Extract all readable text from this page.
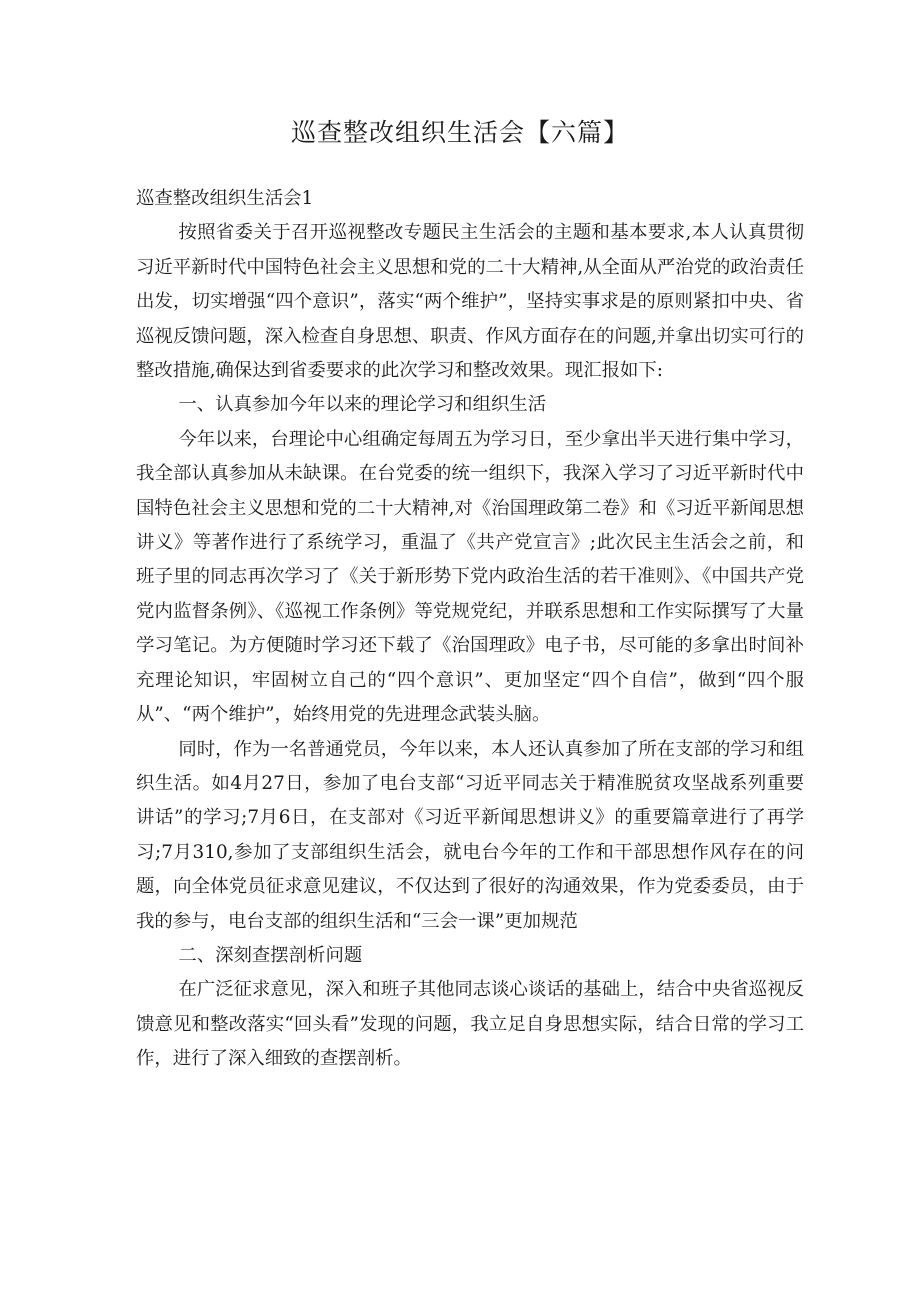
巡查整改组织生活会【六篇】

巡查整改组织生活会1

按照省委关于召开巡视整改专题民主生活会的主题和基本要求,本人认真贯彻习近平新时代中国特色社会主义思想和党的二十大精神,从全面从严治党的政治责任出发，切实增强“四个意识”，落实“两个维护”，坚持实事求是的原则紧扣中央、省巡视反馈问题，深入检查自身思想、职责、作风方面存在的问题,并拿出切实可行的整改措施,确保达到省委要求的此次学习和整改效果。现汇报如下:

一、认真参加今年以来的理论学习和组织生活

今年以来，台理论中心组确定每周五为学习日，至少拿出半天进行集中学习，我全部认真参加从未缺课。在台党委的统一组织下，我深入学习了习近平新时代中国特色社会主义思想和党的二十大精神,对《治国理政第二卷》和《习近平新闻思想讲义》等著作进行了系统学习，重温了《共产党宣言》;此次民主生活会之前，和班子里的同志再次学习了《关于新形势下党内政治生活的若干准则》、《中国共产党党内监督条例》、《巡视工作条例》等党规党纪，并联系思想和工作实际撰写了大量学习笔记。为方便随时学习还下载了《治国理政》电子书，尽可能的多拿出时间补充理论知识，牢固树立自己的“四个意识”、更加坚定“四个自信”，做到“四个服从”、“两个维护”，始终用党的先进理念武装头脑。

同时，作为一名普通党员，今年以来，本人还认真参加了所在支部的学习和组织生活。如4月27日，参加了电台支部“习近平同志关于精准脱贫攻坚战系列重要讲话”的学习;7月6日，在支部对《习近平新闻思想讲义》的重要篇章进行了再学习;7月310,参加了支部组织生活会，就电台今年的工作和干部思想作风存在的问题，向全体党员征求意见建议，不仅达到了很好的沟通效果，作为党委委员，由于我的参与，电台支部的组织生活和“三会一课”更加规范

二、深刻查摆剖析问题

在广泛征求意见，深入和班子其他同志谈心谈话的基础上，结合中央省巡视反馈意见和整改落实“回头看”发现的问题，我立足自身思想实际，结合日常的学习工作，进行了深入细致的查摆剖析。
